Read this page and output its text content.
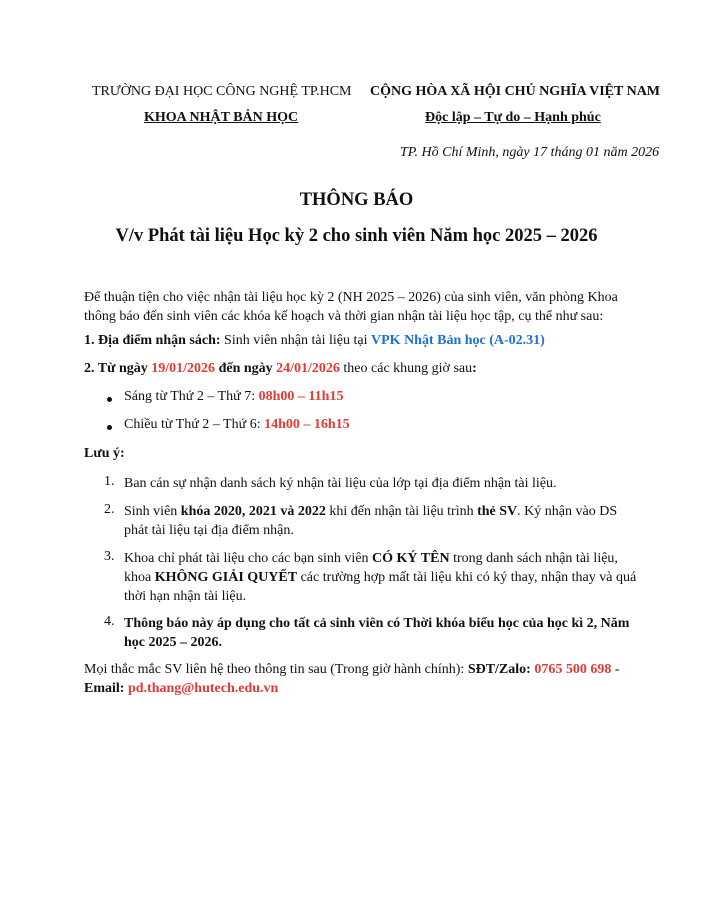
TRƯỜNG ĐẠI HỌC CÔNG NGHỆ TP.HCM
KHOA NHẬT BẢN HỌC
CỘNG HÒA XÃ HỘI CHỦ NGHĨA VIỆT NAM
Độc lập – Tự do – Hạnh phúc
TP. Hồ Chí Minh, ngày 17 tháng 01 năm 2026
THÔNG BÁO
V/v Phát tài liệu Học kỳ 2 cho sinh viên Năm học 2025 – 2026
Để thuận tiện cho việc nhận tài liệu học kỳ 2 (NH 2025 – 2026) của sinh viên, văn phòng Khoa
thông báo đến sinh viên các khóa kế hoạch và thời gian nhận tài liệu học tập, cụ thể như sau:
1. Địa điểm nhận sách: Sinh viên nhận tài liệu tại VPK Nhật Bản học (A-02.31)
2. Từ ngày 19/01/2026 đến ngày 24/01/2026 theo các khung giờ sau:
Sáng từ Thứ 2 – Thứ 7: 08h00 – 11h15
Chiều từ Thứ 2 – Thứ 6: 14h00 – 16h15
Lưu ý:
1. Ban cán sự nhận danh sách ký nhận tài liệu của lớp tại địa điểm nhận tài liệu.
2. Sinh viên khóa 2020, 2021 và 2022 khi đến nhận tài liệu trình thẻ SV. Ký nhận vào DS
phát tài liệu tại địa điểm nhận.
3. Khoa chỉ phát tài liệu cho các bạn sinh viên CÓ KÝ TÊN trong danh sách nhận tài liệu,
khoa KHÔNG GIẢI QUYẾT các trường hợp mất tài liệu khi có ký thay, nhận thay và quá
thời hạn nhận tài liệu.
4. Thông báo này áp dụng cho tất cả sinh viên có Thời khóa biểu học của học kì 2, Năm
học 2025 – 2026.
Mọi thắc mắc SV liên hệ theo thông tin sau (Trong giờ hành chính): SĐT/Zalo: 0765 500 698 -
Email: pd.thang@hutech.edu.vn
